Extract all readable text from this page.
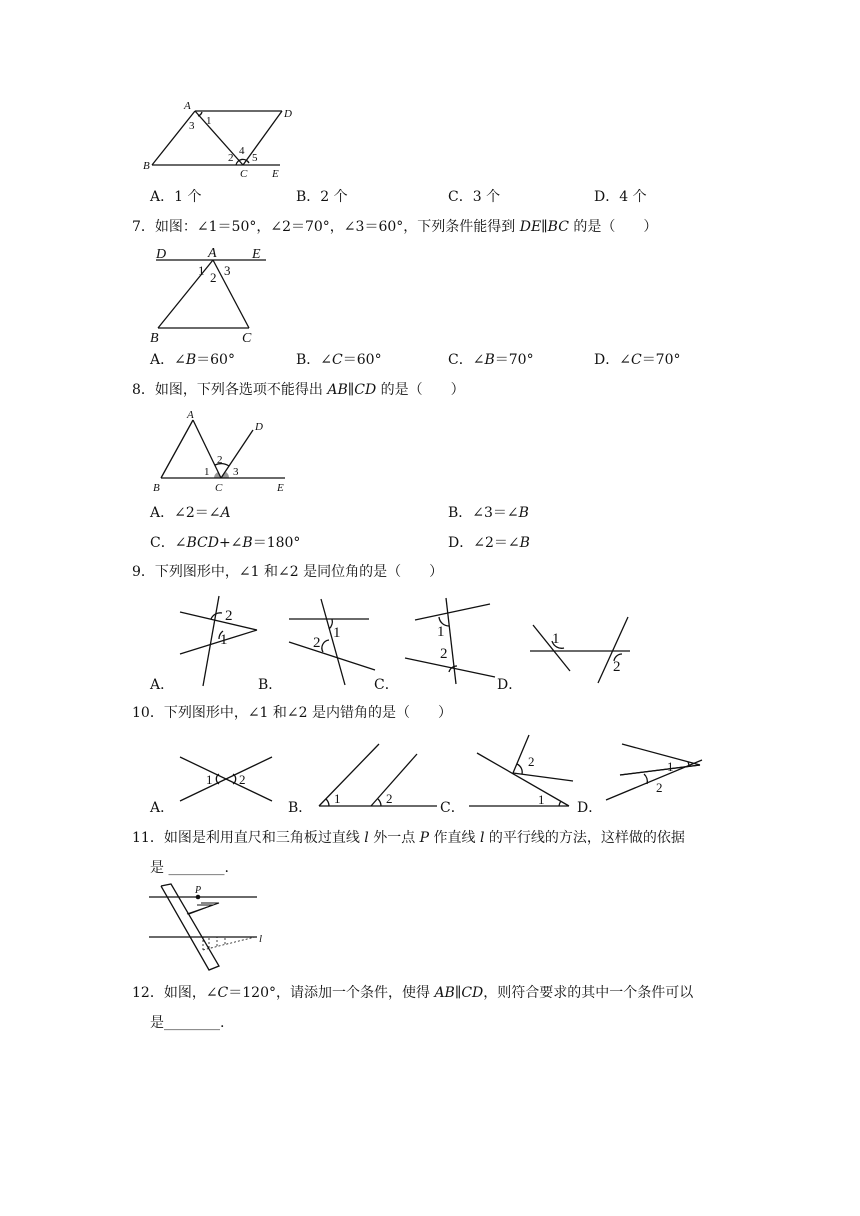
A
D
B
C E
1
3
2
4
5
A．1 个	B．2 个	C．3 个	D．4 个
7．如图：∠1＝50°，∠2＝70°，∠3＝60°，下列条件能得到 DE∥BC 的是（　　）
D	A	E
B	C
1 2 3
A．∠B＝60°	B．∠C＝60°	C．∠B＝70°	D．∠C＝70°
8．如图，下列各选项不能得出 AB∥CD 的是（　　）
A
D
B	C	E
1
2
3
A．∠2＝∠A	B．∠3＝∠B
C．∠BCD+∠B＝180°	D．∠2＝∠B
9．下列图形中，∠1 和∠2 是同位角的是（　　）
2
1
A．
1
2
B．
1
2
C．
1
2
D．
10．下列图形中，∠1 和∠2 是内错角的是（　　）
1 2
A．
1	2
B．
2
1
C．
1
2
D．
11．如图是利用直尺和三角板过直线 l 外一点 P 作直线 l 的平行线的方法，这样做的依据
是 ________.
P
l
12．如图，∠C＝120°，请添加一个条件，使得 AB∥CD，则符合要求的其中一个条件可以
是________.
